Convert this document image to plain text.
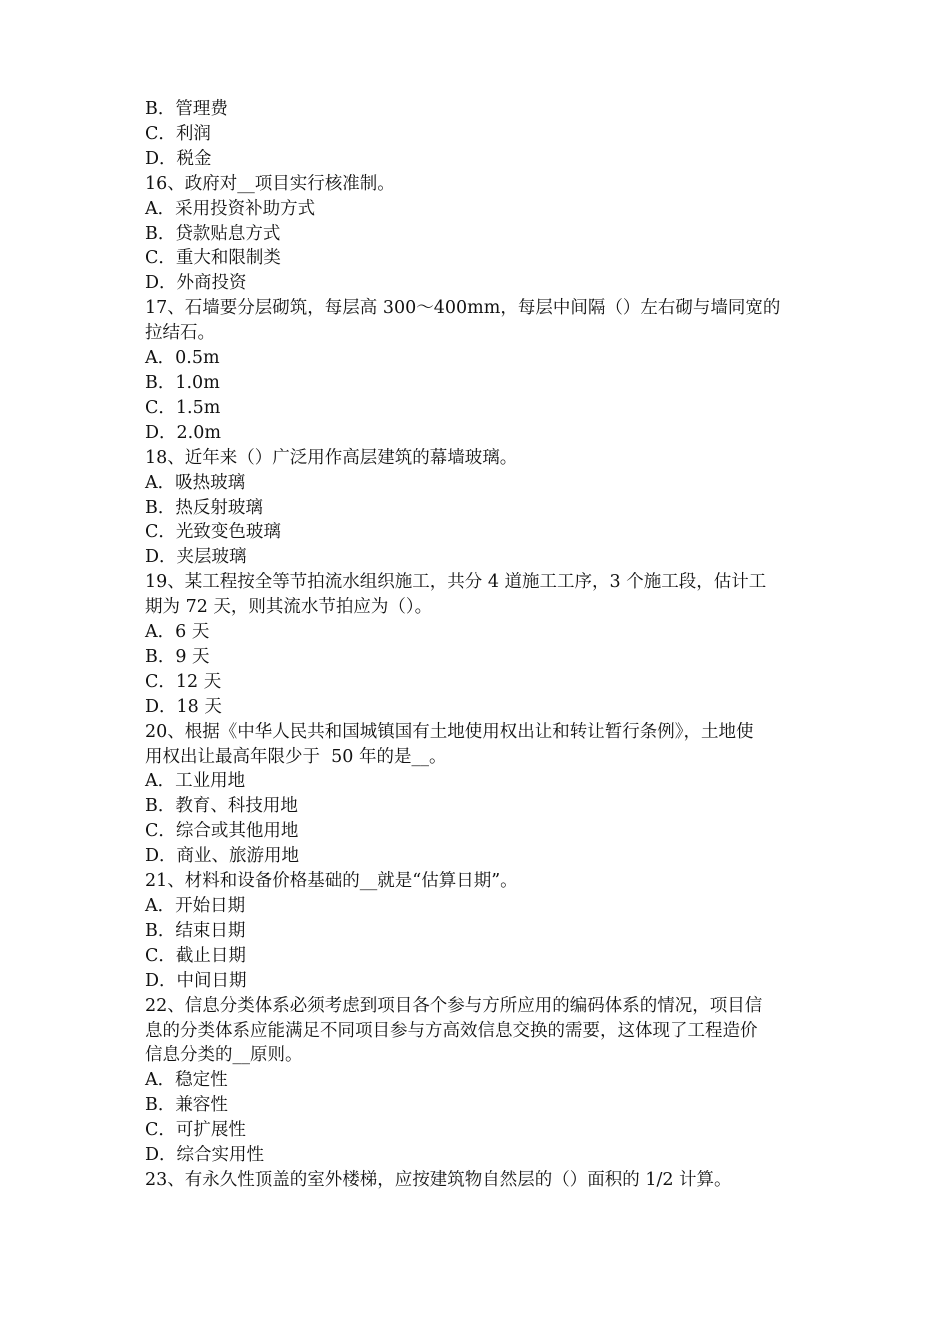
B．管理费
C．利润
D．税金
16、政府对__项目实行核准制。
A．采用投资补助方式
B．贷款贴息方式
C．重大和限制类
D．外商投资
17、石墙要分层砌筑，每层高 300～400mm，每层中间隔（）左右砌与墙同宽的
拉结石。
A．0.5m
B．1.0m
C．1.5m
D．2.0m
18、近年来（）广泛用作高层建筑的幕墙玻璃。
A．吸热玻璃
B．热反射玻璃
C．光致变色玻璃
D．夹层玻璃
19、某工程按全等节拍流水组织施工，共分 4 道施工工序，3 个施工段，估计工
期为 72 天，则其流水节拍应为（）。
A．6 天
B．9 天
C．12 天
D．18 天
20、根据《中华人民共和国城镇国有土地使用权出让和转让暂行条例》，土地使
用权出让最高年限少于  50 年的是__。
A．工业用地
B．教育、科技用地
C．综合或其他用地
D．商业、旅游用地
21、材料和设备价格基础的__就是“估算日期”。
A．开始日期
B．结束日期
C．截止日期
D．中间日期
22、信息分类体系必须考虑到项目各个参与方所应用的编码体系的情况，项目信
息的分类体系应能满足不同项目参与方高效信息交换的需要，这体现了工程造价
信息分类的__原则。
A．稳定性
B．兼容性
C．可扩展性
D．综合实用性
23、有永久性顶盖的室外楼梯，应按建筑物自然层的（）面积的 1/2 计算。
